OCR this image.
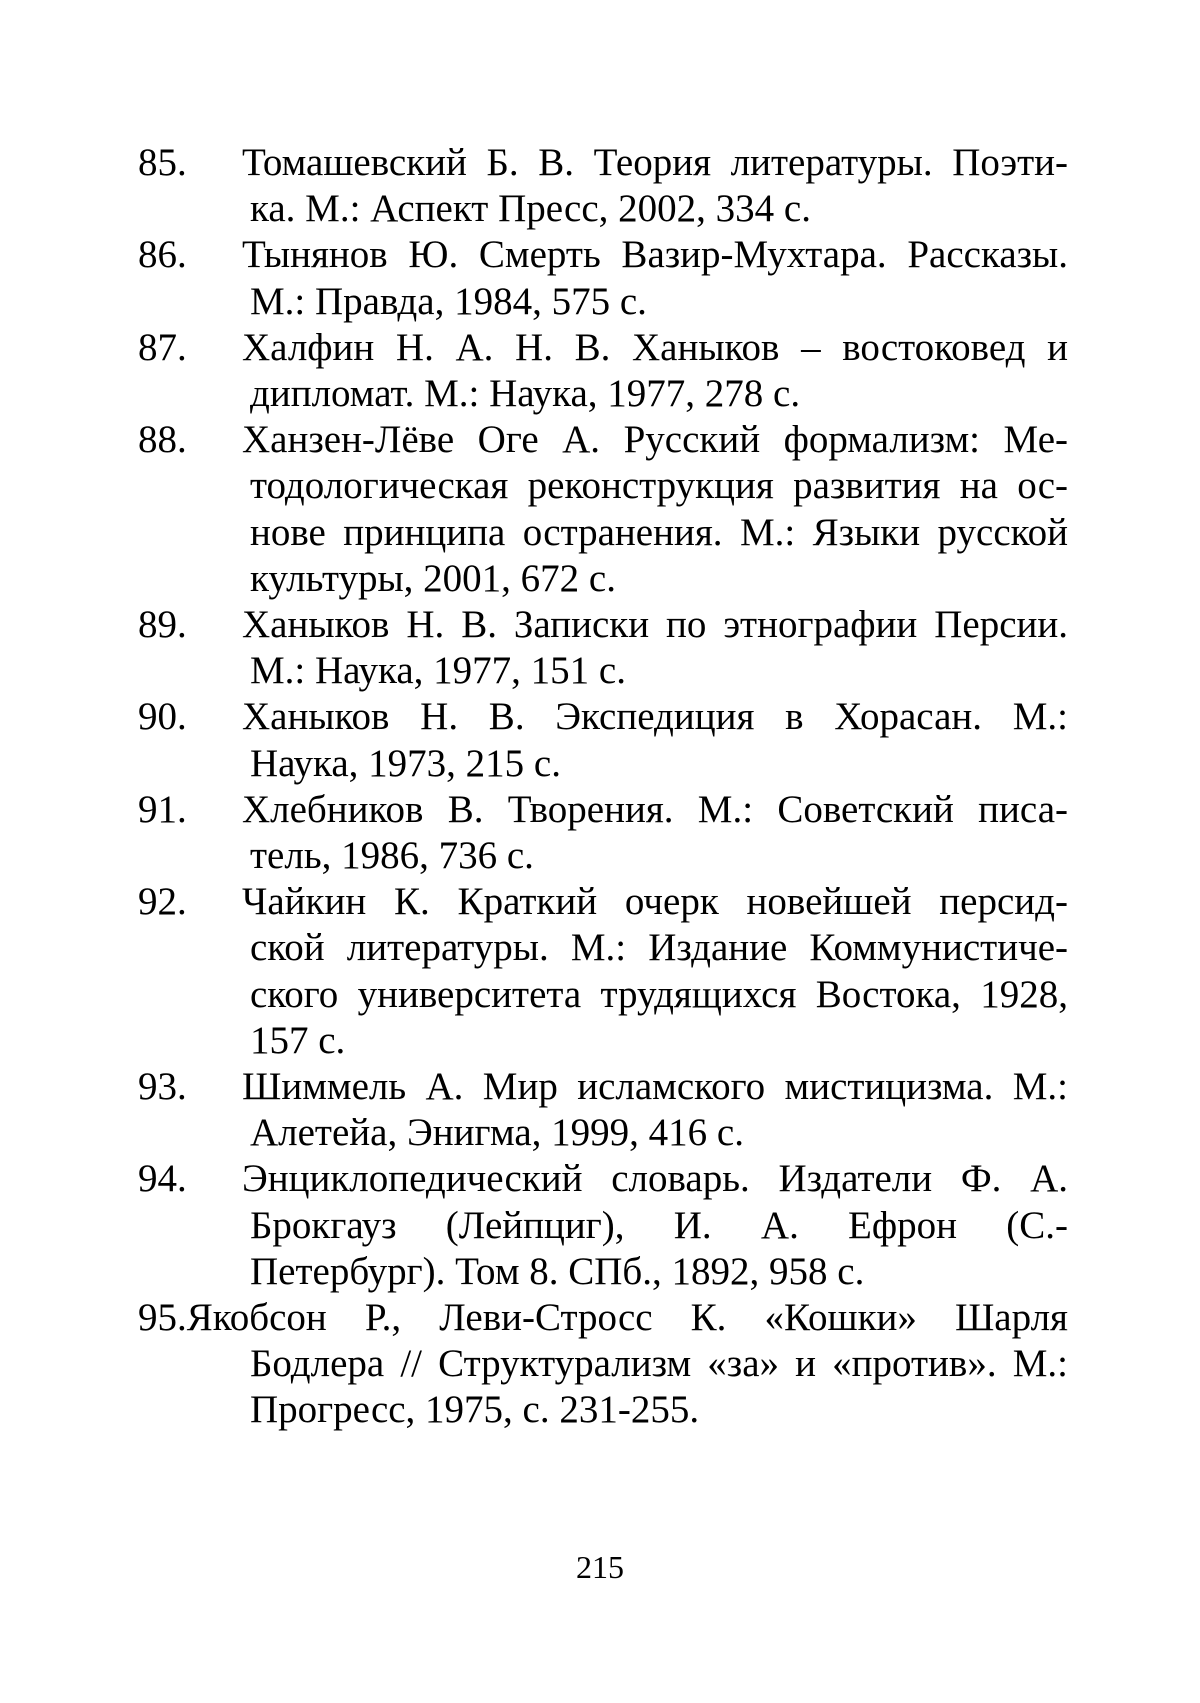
85.	Томашевский Б. В. Теория литературы. Поэти-
ка. М.: Аспект Пресс, 2002, 334 с.
86.	Тынянов Ю. Смерть Вазир-Мухтара. Рассказы.
М.: Правда, 1984, 575 с.
87.	Халфин Н. А. Н. В. Ханыков – востоковед и
дипломат. М.: Наука, 1977, 278 с.
88.	Ханзен-Лёве Оге А. Русский формализм: Ме-
тодологическая реконструкция развития на ос-
нове принципа остранения. М.: Языки русской
культуры, 2001, 672 с.
89.	Ханыков Н. В. Записки по этнографии Персии.
М.: Наука, 1977, 151 с.
90.	Ханыков Н. В. Экспедиция в Хорасан. М.:
Наука, 1973, 215 с.
91.	Хлебников В. Творения. М.: Советский писа-
тель, 1986, 736 с.
92.	Чайкин К. Краткий очерк новейшей персид-
ской литературы. М.: Издание Коммунистиче-
ского университета трудящихся Востока, 1928,
157 с.
93.	Шиммель А. Мир исламского мистицизма. М.:
Алетейа, Энигма, 1999, 416 с.
94.	Энциклопедический словарь. Издатели Ф. А.
Брокгауз (Лейпциг), И. А. Ефрон (С.-
Петербург). Том 8. СПб., 1892, 958 с.
95.Якобсон Р., Леви-Стросс К. «Кошки» Шарля
Бодлера // Структурализм «за» и «против». М.:
Прогресс, 1975, с. 231-255.
215
